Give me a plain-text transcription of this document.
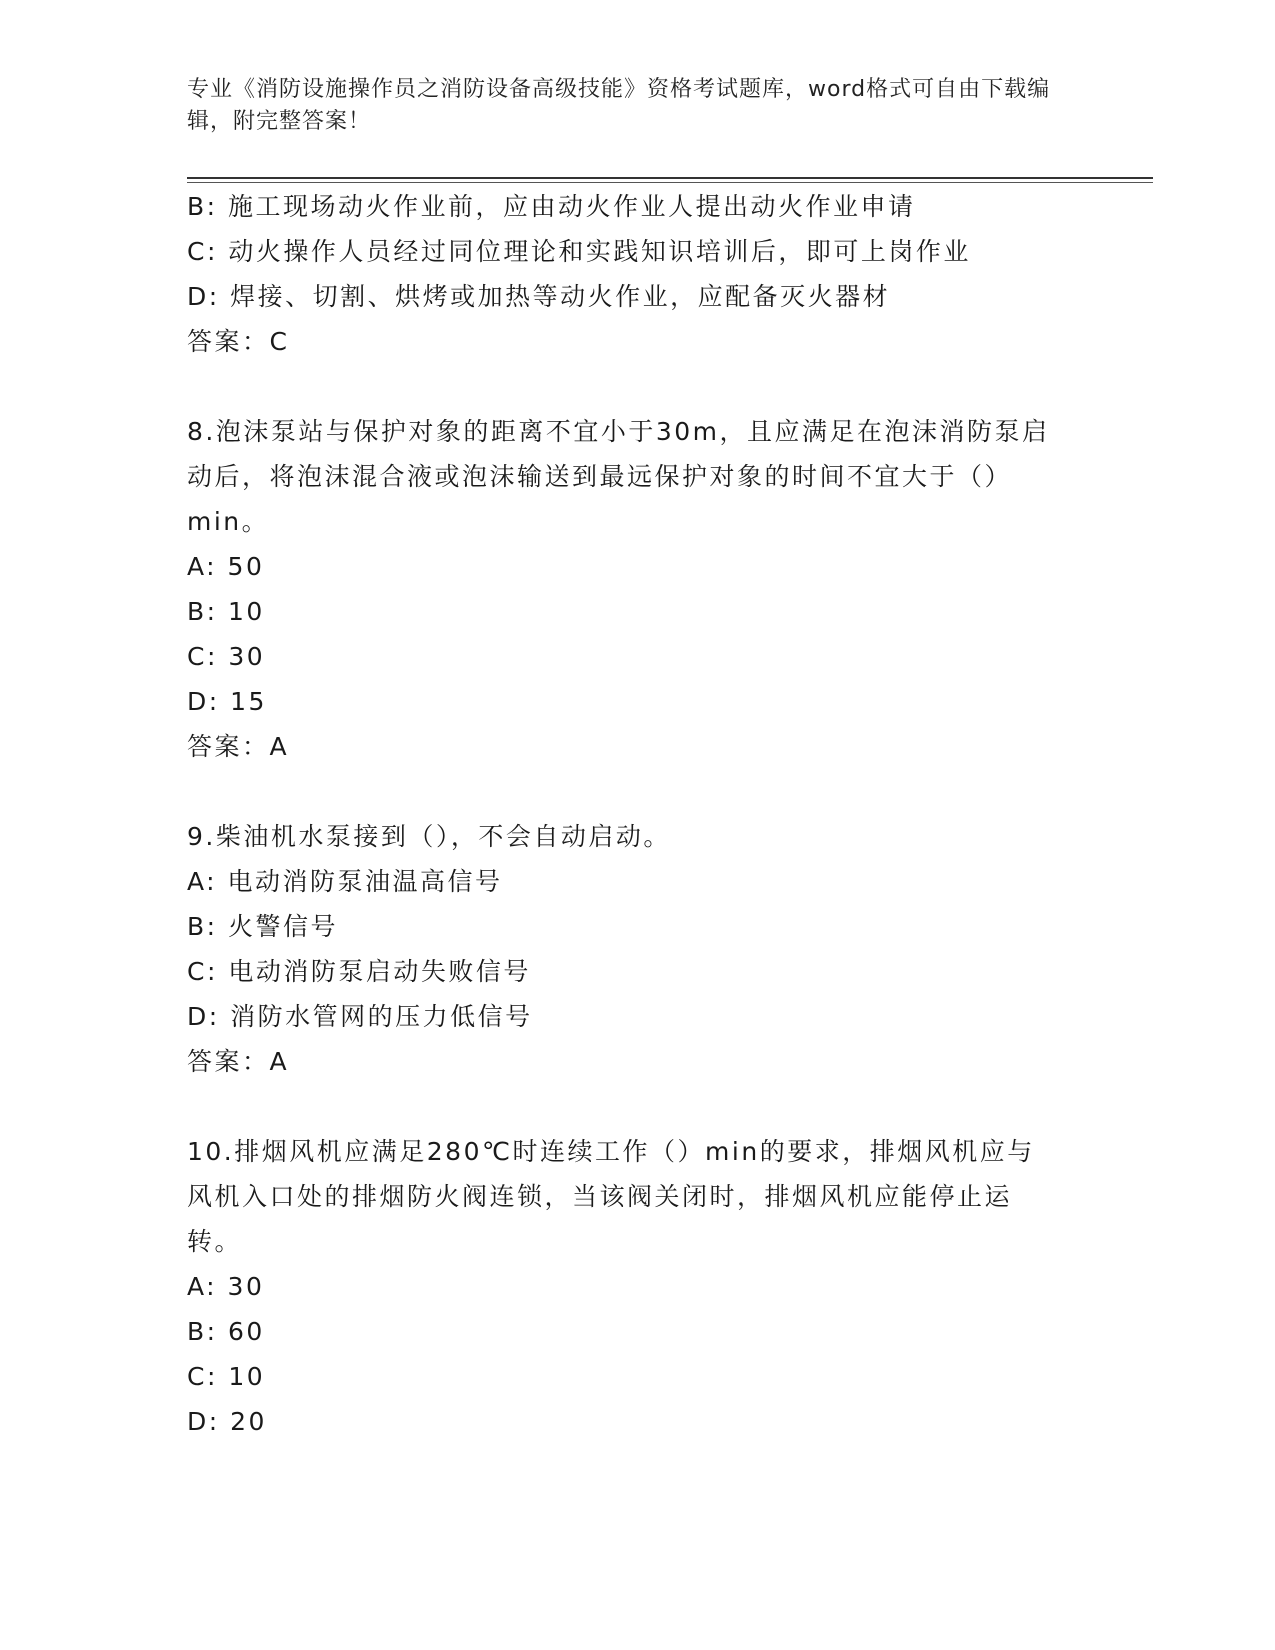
专业《消防设施操作员之消防设备高级技能》资格考试题库，word格式可自由下载编辑，附完整答案！
B: 施工现场动火作业前，应由动火作业人提出动火作业申请
C: 动火操作人员经过同位理论和实践知识培训后，即可上岗作业
D: 焊接、切割、烘烤或加热等动火作业，应配备灭火器材
答案：C
8.泡沫泵站与保护对象的距离不宜小于30m，且应满足在泡沫消防泵启
动后，将泡沫混合液或泡沫输送到最远保护对象的时间不宜大于（）
min。
A: 50
B: 10
C: 30
D: 15
答案：A
9.柴油机水泵接到（），不会自动启动。
A: 电动消防泵油温高信号
B: 火警信号
C: 电动消防泵启动失败信号
D: 消防水管网的压力低信号
答案：A
10.排烟风机应满足280℃时连续工作（）min的要求，排烟风机应与
风机入口处的排烟防火阀连锁，当该阀关闭时，排烟风机应能停止运
转。
A: 30
B: 60
C: 10
D: 20
